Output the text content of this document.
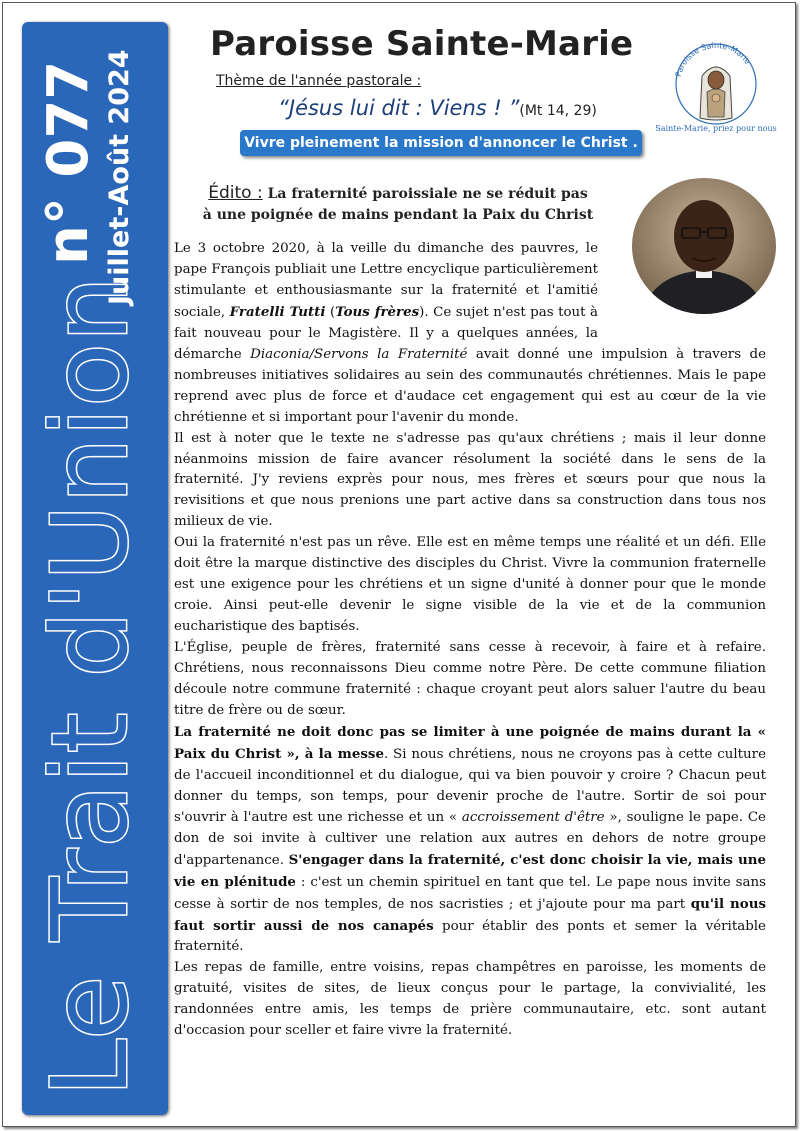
Le Trait d'Union
n° 077 Juillet-Août 2024
Paroisse Sainte-Marie
Thème de l'année pastorale :
“Jésus lui dit : Viens ! ”(Mt 14, 29)
Vivre pleinement la mission d'annoncer le Christ .
Paroisse Sainte-Marie
Sainte-Marie, priez pour nous
Édito : La fraternité paroissiale ne se réduit pas
à une poignée de mains pendant la Paix du Christ

Le 3 octobre 2020, à la veille du dimanche des pauvres, le pape François publiait une Lettre encyclique particulièrement stimulante et enthousiasmante sur la fraternité et l'amitié sociale, Fratelli Tutti (Tous frères). Ce sujet n'est pas tout à fait nouveau pour le Magistère. Il y a quelques années, la démarche Diaconia/Servons la Fraternité avait donné une impulsion à travers de nombreuses initiatives solidaires au sein des communautés chrétiennes. Mais le pape reprend avec plus de force et d'audace cet engagement qui est au cœur de la vie chrétienne et si important pour l'avenir du monde.

Il est à noter que le texte ne s'adresse pas qu'aux chrétiens ; mais il leur donne néanmoins mission de faire avancer résolument la société dans le sens de la fraternité. J'y reviens exprès pour nous, mes frères et sœurs pour que nous la revisitions et que nous prenions une part active dans sa construction dans tous nos milieux de vie.

Oui la fraternité n'est pas un rêve. Elle est en même temps une réalité et un défi. Elle doit être la marque distinctive des disciples du Christ. Vivre la communion fraternelle est une exigence pour les chrétiens et un signe d'unité à donner pour que le monde croie. Ainsi peut-elle devenir le signe visible de la vie et de la communion eucharistique des baptisés.

L'Église, peuple de frères, fraternité sans cesse à recevoir, à faire et à refaire. Chrétiens, nous reconnaissons Dieu comme notre Père. De cette commune filiation découle notre commune fraternité : chaque croyant peut alors saluer l'autre du beau titre de frère ou de sœur.

La fraternité ne doit donc pas se limiter à une poignée de mains durant la « Paix du Christ », à la messe. Si nous chrétiens, nous ne croyons pas à cette culture de l'accueil inconditionnel et du dialogue, qui va bien pouvoir y croire ? Chacun peut donner du temps, son temps, pour devenir proche de l'autre. Sortir de soi pour s'ouvrir à l'autre est une richesse et un « accroissement d'être », souligne le pape. Ce don de soi invite à cultiver une relation aux autres en dehors de notre groupe d'appartenance. S'engager dans la fraternité, c'est donc choisir la vie, mais une vie en plénitude : c'est un chemin spirituel en tant que tel. Le pape nous invite sans cesse à sortir de nos temples, de nos sacristies ; et j'ajoute pour ma part qu'il nous faut sortir aussi de nos canapés pour établir des ponts et semer la véritable fraternité.

Les repas de famille, entre voisins, repas champêtres en paroisse, les moments de gratuité, visites de sites, de lieux conçus pour le partage, la convivialité, les randonnées entre amis, les temps de prière communautaire, etc. sont autant d'occasion pour sceller et faire vivre la fraternité.
